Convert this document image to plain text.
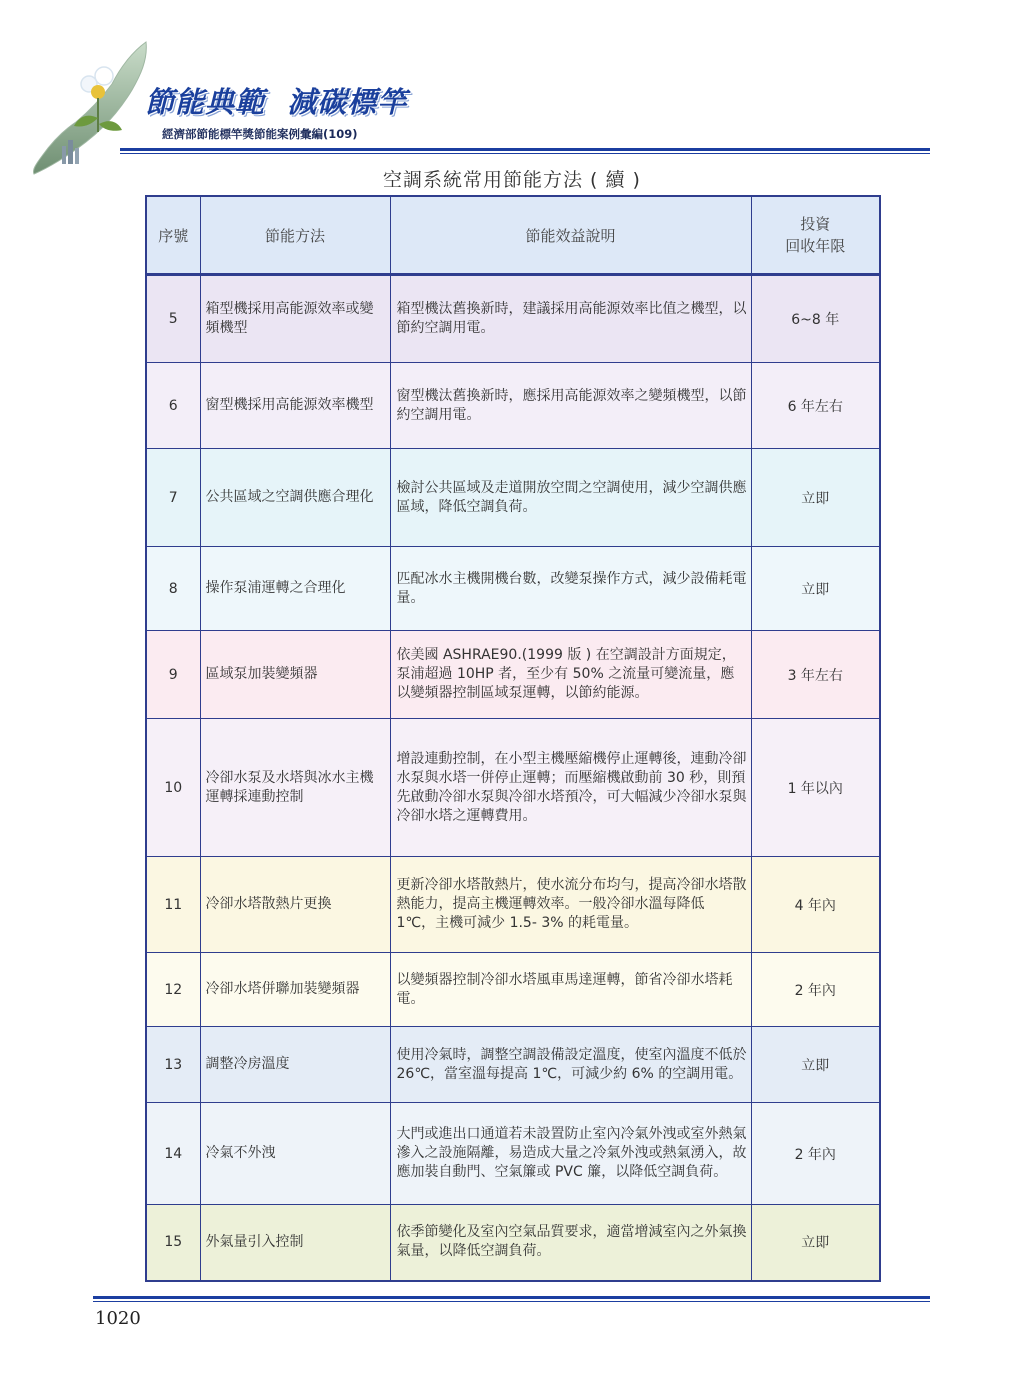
節能典範  減碳標竿
經濟部節能標竿獎節能案例彙編(109)
空調系統常用節能方法 ( 續 )
序號	節能方法	節能效益說明	投資
回收年限

5	箱型機採用高能源效率或變頻機型	箱型機汰舊換新時，建議採用高能源效率比值之機型，以節約空調用電。	6~8 年
6	窗型機採用高能源效率機型	窗型機汰舊換新時，應採用高能源效率之變頻機型，以節約空調用電。	6 年左右
7	公共區域之空調供應合理化	檢討公共區域及走道開放空間之空調使用，減少空調供應區域，降低空調負荷。	立即
8	操作泵浦運轉之合理化	匹配冰水主機開機台數，改變泵操作方式，減少設備耗電量。	立即
9	區域泵加裝變頻器	依美國 ASHRAE90.(1999 版 ) 在空調設計方面規定，泵浦超過 10HP 者，至少有 50% 之流量可變流量，應以變頻器控制區域泵運轉，以節約能源。	3 年左右
10	冷卻水泵及水塔與冰水主機運轉採連動控制	增設連動控制，在小型主機壓縮機停止運轉後，連動冷卻水泵與水塔一併停止運轉；而壓縮機啟動前 30 秒，則預先啟動冷卻水泵與冷卻水塔預冷，可大幅減少冷卻水泵與冷卻水塔之運轉費用。	1 年以內
11	冷卻水塔散熱片更換	更新冷卻水塔散熱片，使水流分布均勻，提高冷卻水塔散熱能力，提高主機運轉效率。一般冷卻水溫每降低 1℃，主機可減少 1.5- 3% 的耗電量。	4 年內
12	冷卻水塔併聯加裝變頻器	以變頻器控制冷卻水塔風車馬達運轉，節省冷卻水塔耗電。	2 年內
13	調整冷房溫度	使用冷氣時，調整空調設備設定溫度，使室內溫度不低於 26℃，當室溫每提高 1℃，可減少約 6% 的空調用電。	立即
14	冷氣不外洩	大門或進出口通道若未設置防止室內冷氣外洩或室外熱氣滲入之設施隔離，易造成大量之冷氣外洩或熱氣湧入，故應加裝自動門、空氣簾或 PVC 簾，以降低空調負荷。	2 年內
15	外氣量引入控制	依季節變化及室內空氣品質要求，適當增減室內之外氣換氣量，以降低空調負荷。	立即
1020
